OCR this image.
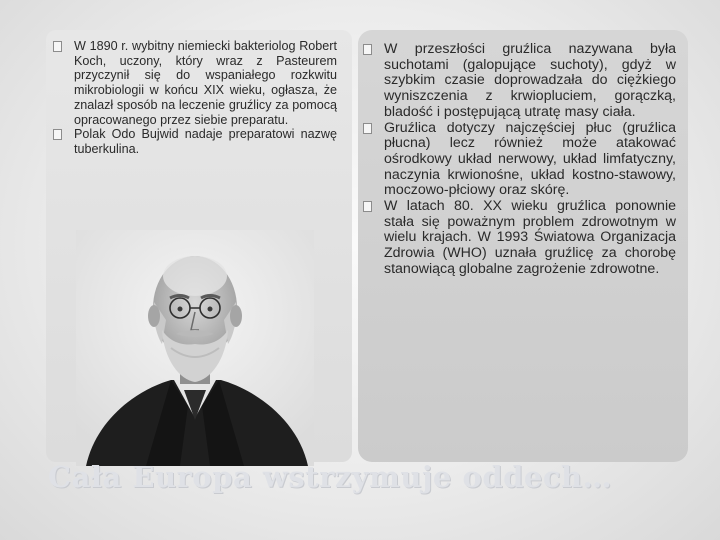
W 1890 r. wybitny niemiecki bakteriolog Robert Koch, uczony, który wraz z Pasteurem przyczynił się do wspaniałego rozkwitu mikrobiologii w końcu XIX wieku, ogłasza, że znalazł sposób na leczenie gruźlicy za pomocą opracowanego przez siebie preparatu.
Polak Odo Bujwid nadaje preparatowi nazwę tuberkulina.
W przeszłości gruźlica nazywana była suchotami (galopujące suchoty), gdyż w szybkim czasie doprowadzała do ciężkiego wyniszczenia z krwiopluciem, gorączką, bladość i postępującą utratę masy ciała.
Gruźlica dotyczy najczęściej płuc (gruźlica płucna) lecz również może atakować ośrodkowy układ nerwowy, układ limfatyczny, naczynia krwionośne, układ kostno-stawowy, moczowo-płciowy oraz skórę.
W latach 80. XX wieku gruźlica ponownie stała się poważnym problem zdrowotnym w wielu krajach. W 1993 Światowa Organizacja Zdrowia (WHO) uznała gruźlicę za chorobę stanowiącą globalne zagrożenie zdrowotne.
Cała Europa wstrzymuje oddech…
